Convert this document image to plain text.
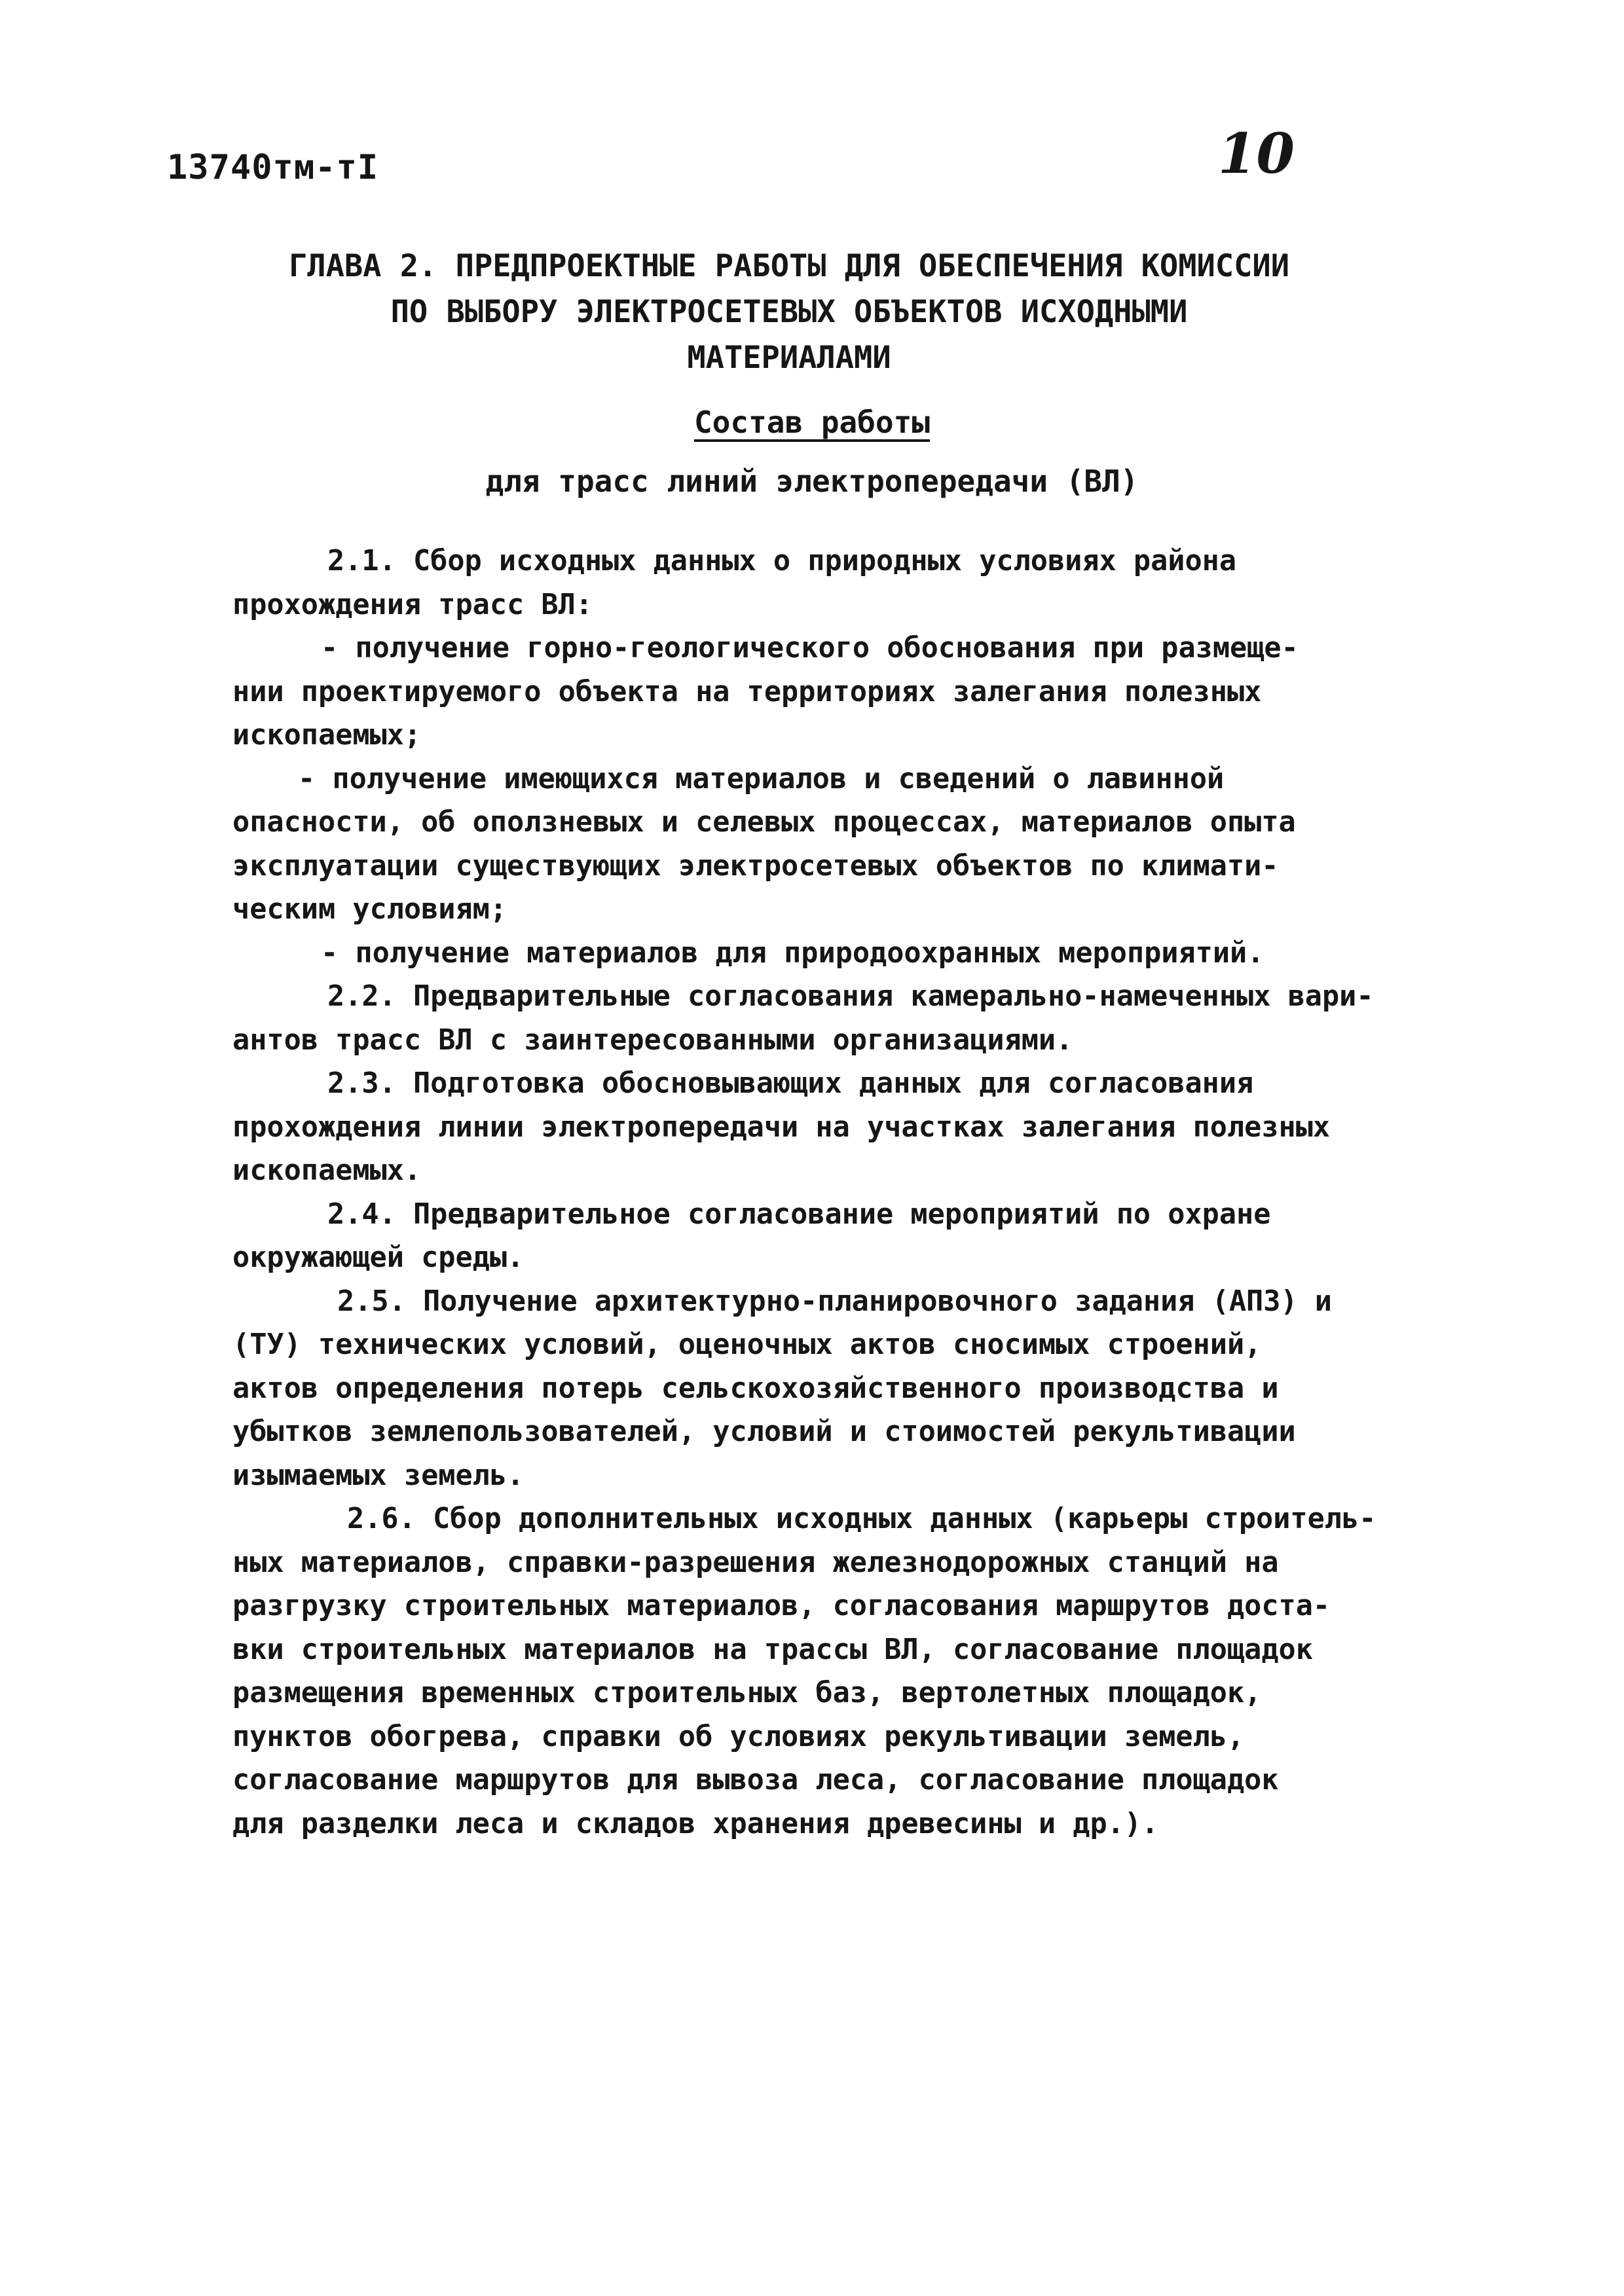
13740тм-тI	10
ГЛАВА 2. ПРЕДПРОЕКТНЫЕ РАБОТЫ ДЛЯ ОБЕСПЕЧЕНИЯ КОМИССИИ
ПО ВЫБОРУ ЭЛЕКТРОСЕТЕВЫХ ОБЪЕКТОВ ИСХОДНЫМИ
МАТЕРИАЛАМИ
Состав работы
для трасс линий электропередачи (ВЛ)
2.1. Сбор исходных данных о природных условиях района
прохождения трасс ВЛ:
- получение горно-геологического обоснования при размеще-
нии проектируемого объекта на территориях залегания полезных
ископаемых;
- получение имеющихся материалов и сведений о лавинной
опасности, об оползневых и селевых процессах, материалов опыта
эксплуатации существующих электросетевых объектов по климати-
ческим условиям;
- получение материалов для природоохранных мероприятий.
2.2. Предварительные согласования камерально-намеченных вари-
антов трасс ВЛ с заинтересованными организациями.
2.3. Подготовка обосновывающих данных для согласования
прохождения линии электропередачи на участках залегания полезных
ископаемых.
2.4. Предварительное согласование мероприятий по охране
окружающей среды.
2.5. Получение архитектурно-планировочного задания (АПЗ) и
(ТУ) технических условий, оценочных актов сносимых строений,
актов определения потерь сельскохозяйственного производства и
убытков землепользователей, условий и стоимостей рекультивации
изымаемых земель.
2.6. Сбор дополнительных исходных данных (карьеры строитель-
ных материалов, справки-разрешения железнодорожных станций на
разгрузку строительных материалов, согласования маршрутов доста-
вки строительных материалов на трассы ВЛ, согласование площадок
размещения временных строительных баз, вертолетных площадок,
пунктов обогрева, справки об условиях рекультивации земель,
согласование маршрутов для вывоза леса, согласование площадок
для разделки леса и складов хранения древесины и др.).
